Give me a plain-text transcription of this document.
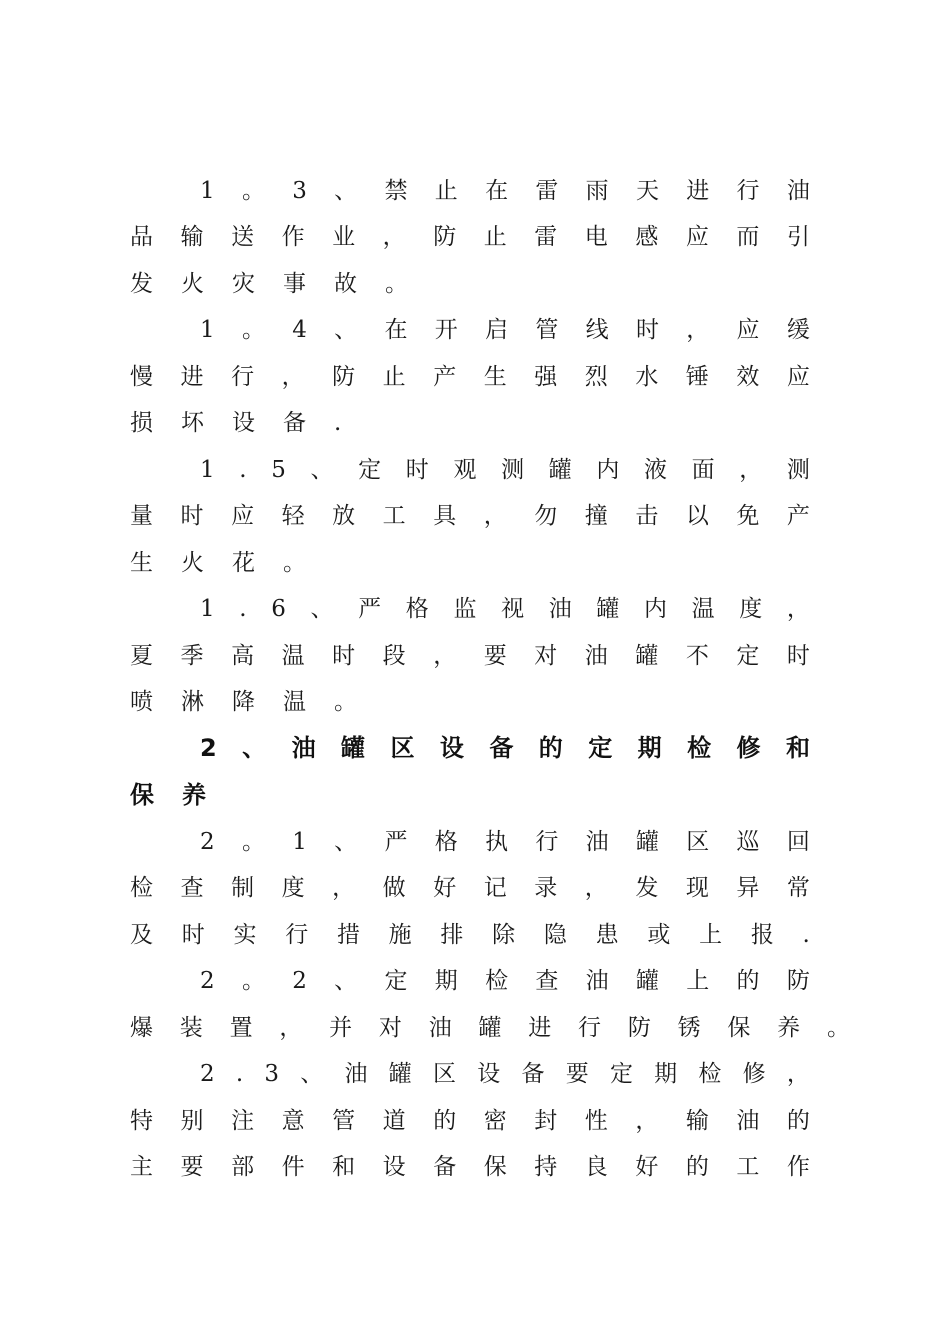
1 。 3 、 禁 止 在 雷 雨 天 进 行 油
品 输 送 作 业 ， 防 止 雷 电 感 应 而 引
发 火 灾 事 故 。
1 。 4 、 在 开 启 管 线 时 ， 应 缓
慢 进 行 ， 防 止 产 生 强 烈 水 锤 效 应
损 坏 设 备 .
1 . 5 、 定 时 观 测 罐 内 液 面 ， 测
量 时 应 轻 放 工 具 ， 勿 撞 击 以 免 产
生 火 花 。
1 . 6 、 严 格 监 视 油 罐 内 温 度 ，
夏 季 高 温 时 段 ， 要 对 油 罐 不 定 时
喷 淋 降 温 。
2 、 油 罐 区 设 备 的 定 期 检 修 和
保 养
2 。 1 、 严 格 执 行 油 罐 区 巡 回
检 查 制 度 ， 做 好 记 录 ， 发 现 异 常
及 时 实 行 措 施 排 除 隐 患 或 上 报 .
2 。 2 、 定 期 检 查 油 罐 上 的 防
爆 装 置 ， 并 对 油 罐 进 行 防 锈 保 养 。
2 . 3 、 油 罐 区 设 备 要 定 期 检 修 ，
特 别 注 意 管 道 的 密 封 性 ， 输 油 的
主 要 部 件 和 设 备 保 持 良 好 的 工 作
